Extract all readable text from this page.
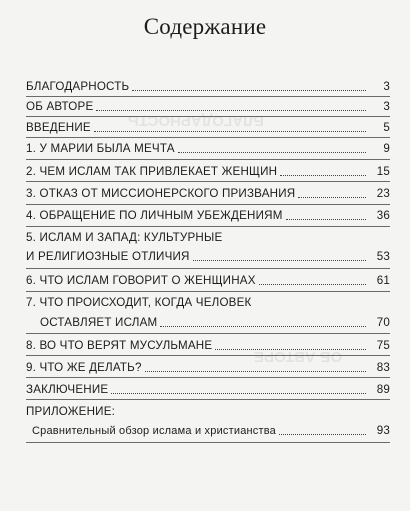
БЛАГОДАРНОСТЬ
ОБ АВТОРЕ
Содержание
БЛАГОДАРНОСТЬ	3
ОБ АВТОРЕ	3
ВВЕДЕНИЕ	5
1. У МАРИИ БЫЛА МЕЧТА	9
2. ЧЕМ ИСЛАМ ТАК ПРИВЛЕКАЕТ ЖЕНЩИН	15
3. ОТКАЗ ОТ МИССИОНЕРСКОГО ПРИЗВАНИЯ	23
4. ОБРАЩЕНИЕ ПО ЛИЧНЫМ УБЕЖДЕНИЯМ	36
5. ИСЛАМ И ЗАПАД: КУЛЬТУРНЫЕ
И РЕЛИГИОЗНЫЕ ОТЛИЧИЯ	53
6. ЧТО ИСЛАМ ГОВОРИТ О ЖЕНЩИНАХ	61
7. ЧТО ПРОИСХОДИТ, КОГДА ЧЕЛОВЕК
ОСТАВЛЯЕТ ИСЛАМ	70
8. ВО ЧТО ВЕРЯТ МУСУЛЬМАНЕ	75
9. ЧТО ЖЕ ДЕЛАТЬ?	83
ЗАКЛЮЧЕНИЕ	89
ПРИЛОЖЕНИЕ:
Сравнительный обзор ислама и христианства	93
